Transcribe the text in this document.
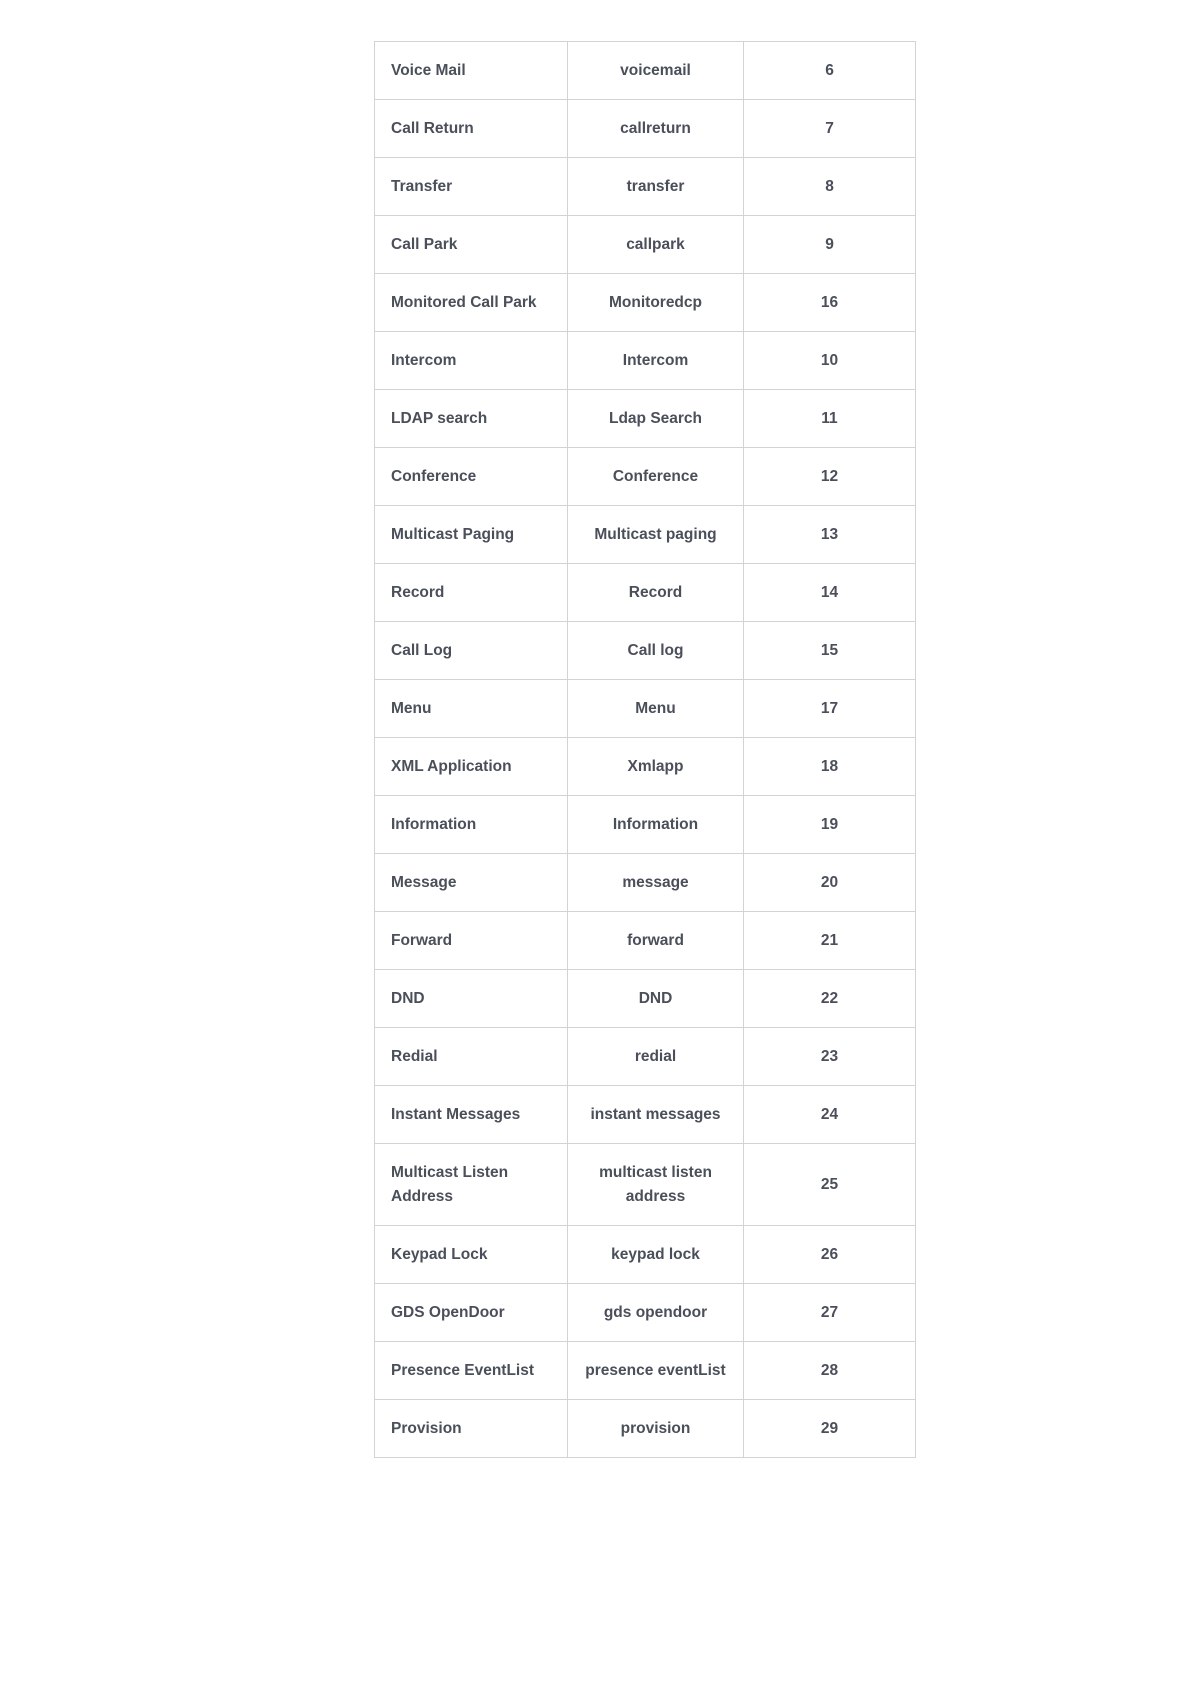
Voice Mail	voicemail	6
Call Return	callreturn	7
Transfer	transfer	8
Call Park	callpark	9
Monitored Call Park	Monitoredcp	16
Intercom	Intercom	10
LDAP search	Ldap Search	11
Conference	Conference	12
Multicast Paging	Multicast paging	13
Record	Record	14
Call Log	Call log	15
Menu	Menu	17
XML Application	Xmlapp	18
Information	Information	19
Message	message	20
Forward	forward	21
DND	DND	22
Redial	redial	23
Instant Messages	instant messages	24
Multicast Listen Address	multicast listen address	25
Keypad Lock	keypad lock	26
GDS OpenDoor	gds opendoor	27
Presence EventList	presence eventList	28
Provision	provision	29
